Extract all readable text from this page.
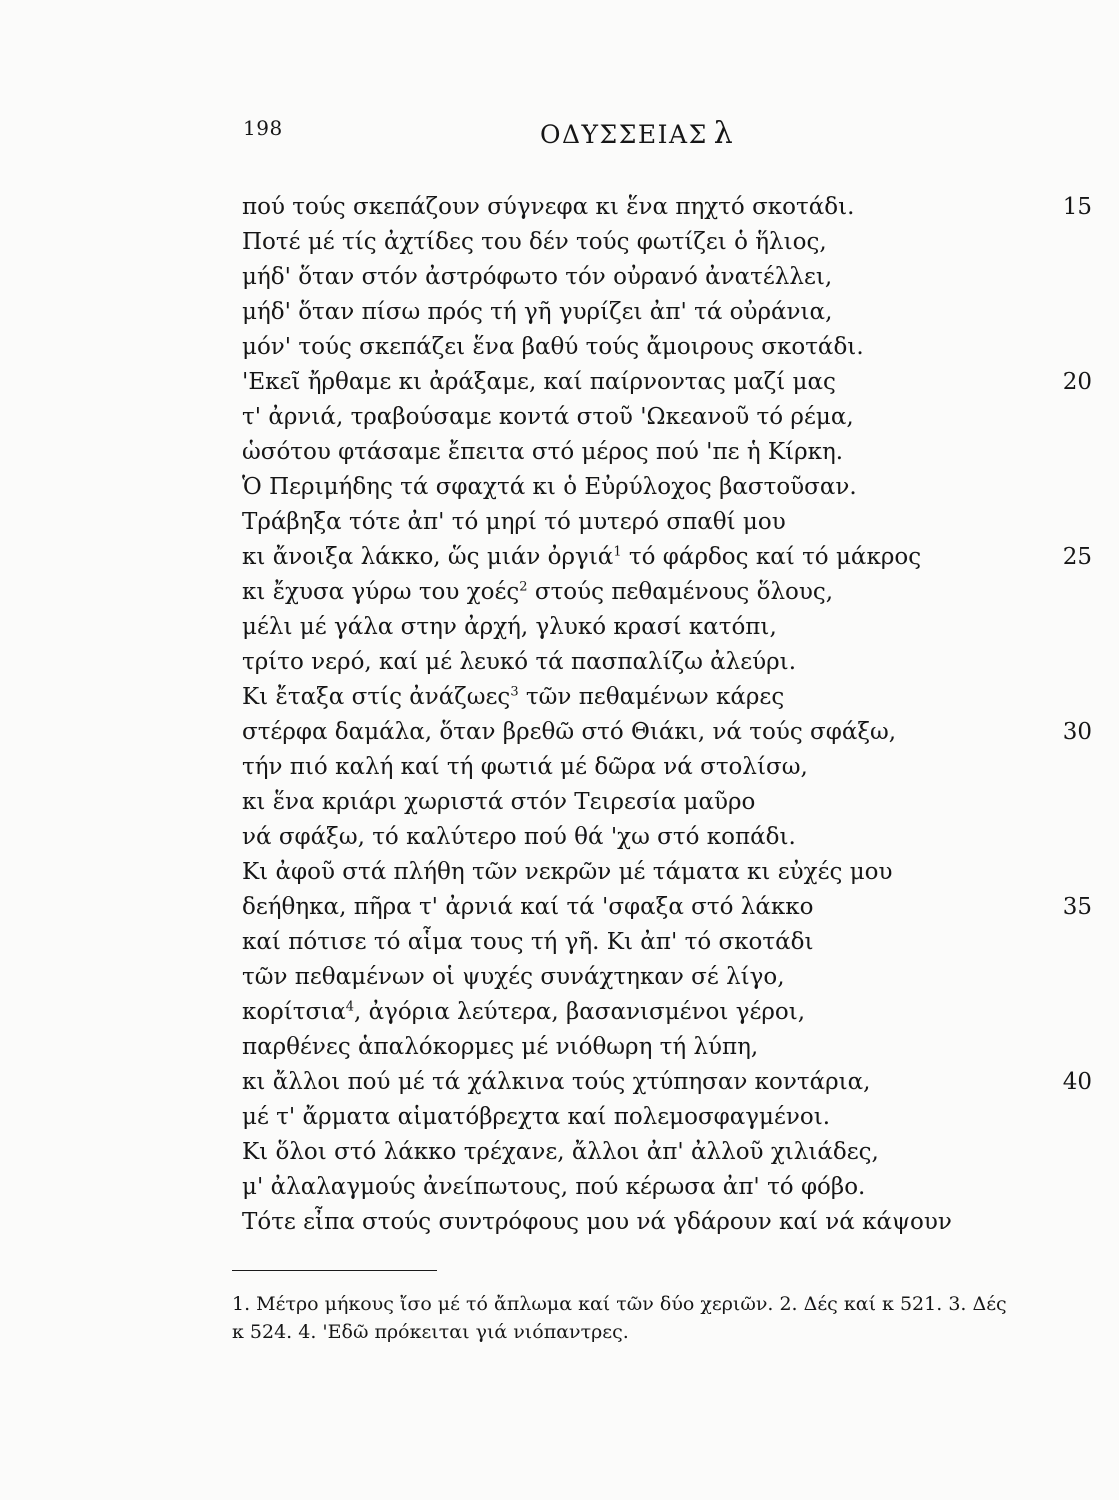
198	ΟΔΥΣΣΕΙΑΣ λ
πού τούς σκεπάζουν σύγνεφα κι ἕνα πηχτό σκοτάδι.	15
Ποτέ μέ τίς ἀχτίδες του δέν τούς φωτίζει ὁ ἥλιος,
μήδ' ὅταν στόν ἀστρόφωτο τόν οὐρανό ἀνατέλλει,
μήδ' ὅταν πίσω πρός τή γῆ γυρίζει ἀπ' τά οὐράνια,
μόν' τούς σκεπάζει ἕνα βαθύ τούς ἄμοιρους σκοτάδι.
'Εκεῖ ἤρθαμε κι ἀράξαμε, καί παίρνοντας μαζί μας	20
τ' ἀρνιά, τραβούσαμε κοντά στοῦ 'Ωκεανοῦ τό ρέμα,
ὡσότου φτάσαμε ἔπειτα στό μέρος πού 'πε ἡ Κίρκη.
Ὁ Περιμήδης τά σφαχτά κι ὁ Εὐρύλοχος βαστοῦσαν.
Τράβηξα τότε ἀπ' τό μηρί τό μυτερό σπαθί μου
κι ἄνοιξα λάκκο, ὥς μιάν ὀργιά$^1$ τό φάρδος καί τό μάκρος	25
κι ἔχυσα γύρω του χοές$^2$ στούς πεθαμένους ὅλους,
μέλι μέ γάλα στην ἀρχή, γλυκό κρασί κατόπι,
τρίτο νερό, καί μέ λευκό τά πασπαλίζω ἀλεύρι.
Κι ἔταξα στίς ἀνάζωες$^3$ τῶν πεθαμένων κάρες
στέρφα δαμάλα, ὅταν βρεθῶ στό Θιάκι, νά τούς σφάξω,	30
τήν πιό καλή καί τή φωτιά μέ δῶρα νά στολίσω,
κι ἕνα κριάρι χωριστά στόν Τειρεσία μαῦρο
νά σφάξω, τό καλύτερο πού θά 'χω στό κοπάδι.
Κι ἀφοῦ στά πλήθη τῶν νεκρῶν μέ τάματα κι εὐχές μου
δεήθηκα, πῆρα τ' ἀρνιά καί τά 'σφαξα στό λάκκο	35
καί πότισε τό αἷμα τους τή γῆ. Κι ἀπ' τό σκοτάδι
τῶν πεθαμένων οἱ ψυχές συνάχτηκαν σέ λίγο,
κορίτσια$^4$, ἀγόρια λεύτερα, βασανισμένοι γέροι,
παρθένες ἁπαλόκορμες μέ νιόθωρη τή λύπη,
κι ἄλλοι πού μέ τά χάλκινα τούς χτύπησαν κοντάρια,	40
μέ τ' ἄρματα αἱματόβρεχτα καί πολεμοσφαγμένοι.
Κι ὅλοι στό λάκκο τρέχανε, ἄλλοι ἀπ' ἀλλοῦ χιλιάδες,
μ' ἀλαλαγμούς ἀνείπωτους, πού κέρωσα ἀπ' τό φόβο.
Τότε εἶπα στούς συντρόφους μου νά γδάρουν καί νά κάψουν
1. Μέτρο μήκους ἴσο μέ τό ἄπλωμα καί τῶν δύο χεριῶν. 2. Δές καί κ 521. 3. Δές
κ 524. 4. 'Εδῶ πρόκειται γιά νιόπαντρες.
